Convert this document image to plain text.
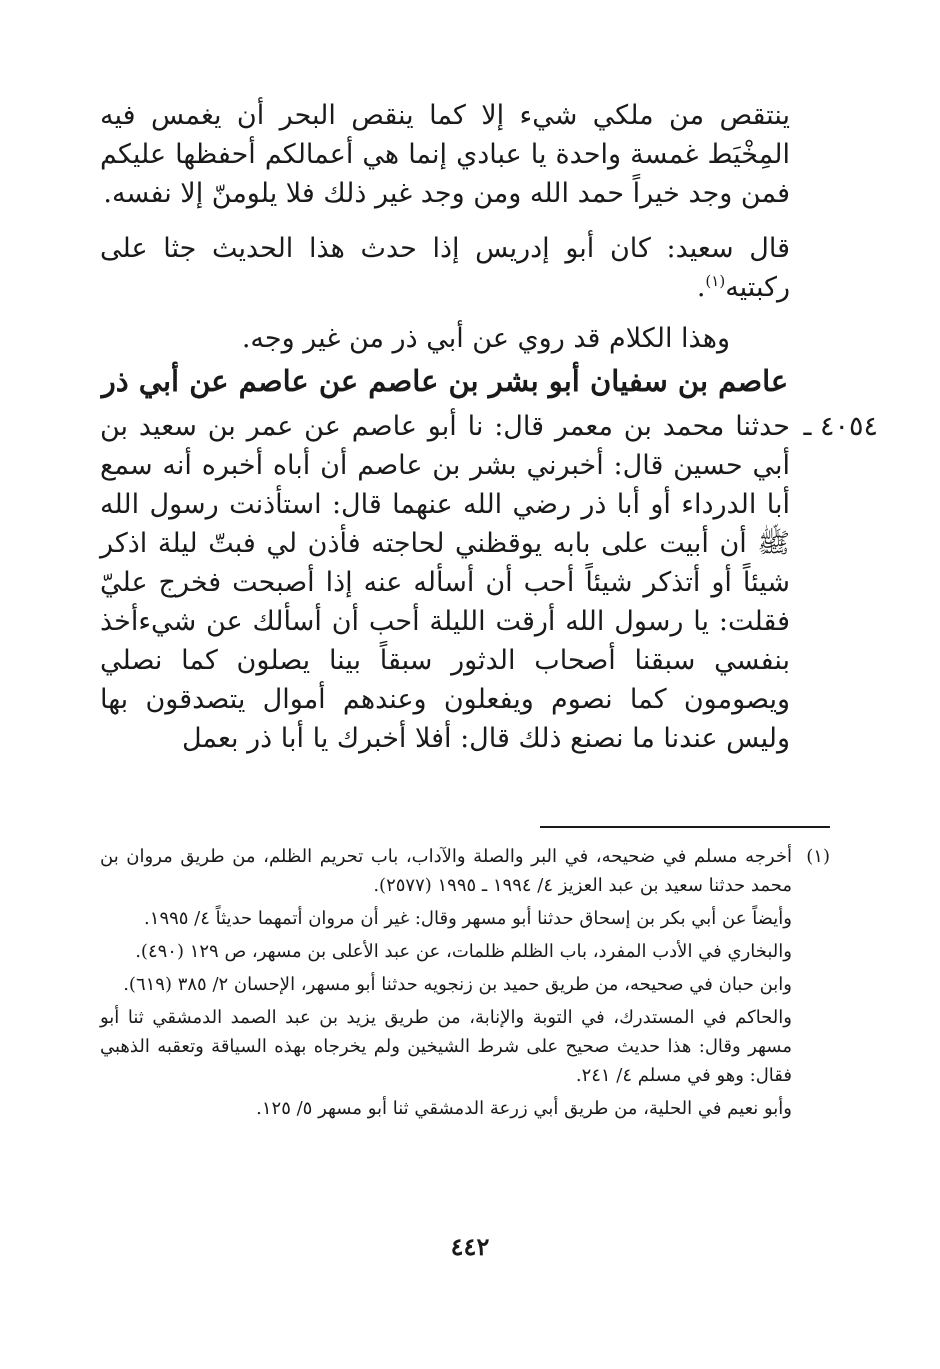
ينتقص من ملكي شيء إلا كما ينقص البحر أن يغمس فيه المِخْيَط غمسة واحدة يا عبادي إنما هي أعمالكم أحفظها عليكم فمن وجد خيراً حمد الله ومن وجد غير ذلك فلا يلومنّ إلا نفسه.

قال سعيد: كان أبو إدريس إذا حدث هذا الحديث جثا على ركبتيه$^{(١)}$.

وهذا الكلام قد روي عن أبي ذر من غير وجه.

عاصم بن سفيان أبو بشر بن عاصم عن عاصم عن أبي ذر

٤٠٥٤ ـ

حدثنا محمد بن معمر قال: نا أبو عاصم عن عمر بن سعيد بن أبي حسين قال: أخبرني بشر بن عاصم أن أباه أخبره أنه سمع أبا الدرداء أو أبا ذر رضي الله عنهما قال: استأذنت رسول الله ﷺ أن أبيت على بابه يوقظني لحاجته فأذن لي فبتّ ليلة اذكر شيئاً أو أتذكر شيئاً أحب أن أسأله عنه إذا أصبحت فخرج عليّ فقلت: يا رسول الله أرقت الليلة أحب أن أسألك عن شيءأخذ بنفسي سبقنا أصحاب الدثور سبقاً بينا يصلون كما نصلي ويصومون كما نصوم ويفعلون وعندهم أموال يتصدقون بها وليس عندنا ما نصنع ذلك قال: أفلا أخبرك يا أبا ذر بعمل

(١)
أخرجه مسلم في ضحيحه، في البر والصلة والآداب، باب تحريم الظلم، من طريق مروان بن محمد حدثنا سعيد بن عبد العزيز ٤/ ١٩٩٤ ـ ١٩٩٥ (٢٥٧٧).

وأيضاً عن أبي بكر بن إسحاق حدثنا أبو مسهر وقال: غير أن مروان أتمهما حديثاً ٤/ ١٩٩٥.

والبخاري في الأدب المفرد، باب الظلم ظلمات، عن عبد الأعلى بن مسهر، ص ١٢٩ (٤٩٠).

وابن حبان في صحيحه، من طريق حميد بن زنجويه حدثنا أبو مسهر، الإحسان ٢/ ٣٨٥ (٦١٩).

والحاكم في المستدرك، في التوبة والإنابة، من طريق يزيد بن عبد الصمد الدمشقي ثنا أبو مسهر وقال: هذا حديث صحيح على شرط الشيخين ولم يخرجاه بهذه السياقة وتعقبه الذهبي فقال: وهو في مسلم ٤/ ٢٤١.

وأبو نعيم في الحلية، من طريق أبي زرعة الدمشقي ثنا أبو مسهر ٥/ ١٢٥.

٤٤٢
